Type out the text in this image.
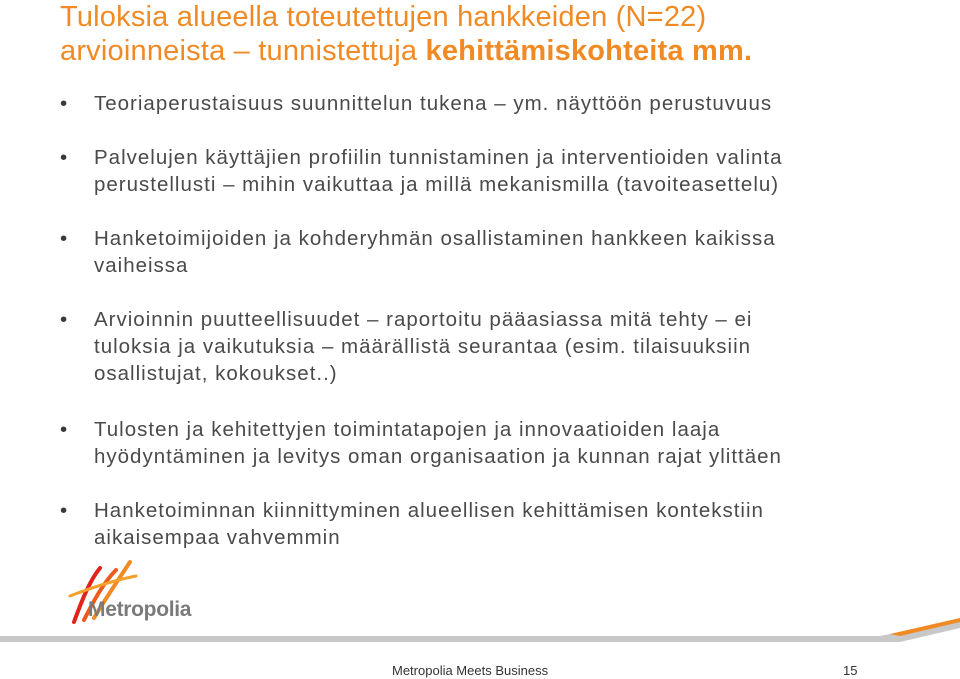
Tuloksia alueella toteutettujen hankkeiden (N=22)
arvioinneista – tunnistettuja kehittämiskohteita mm.
• Teoriaperustaisuus suunnittelun tukena – ym. näyttöön perustuvuus
• Palvelujen käyttäjien profiilin tunnistaminen ja interventioiden valinta
perustellusti – mihin vaikuttaa ja millä mekanismilla (tavoiteasettelu)
• Hanketoimijoiden ja kohderyhmän osallistaminen hankkeen kaikissa
vaiheissa
• Arvioinnin puutteellisuudet – raportoitu pääasiassa mitä tehty – ei
tuloksia ja vaikutuksia – määrällistä seurantaa (esim. tilaisuuksiin
osallistujat, kokoukset..)
• Tulosten ja kehitettyjen toimintatapojen ja innovaatioiden laaja
hyödyntäminen ja levitys oman organisaation ja kunnan rajat ylittäen
• Hanketoiminnan kiinnittyminen alueellisen kehittämisen kontekstiin
aikaisempaa vahvemmin
Metropolia
Metropolia Meets Business	15
